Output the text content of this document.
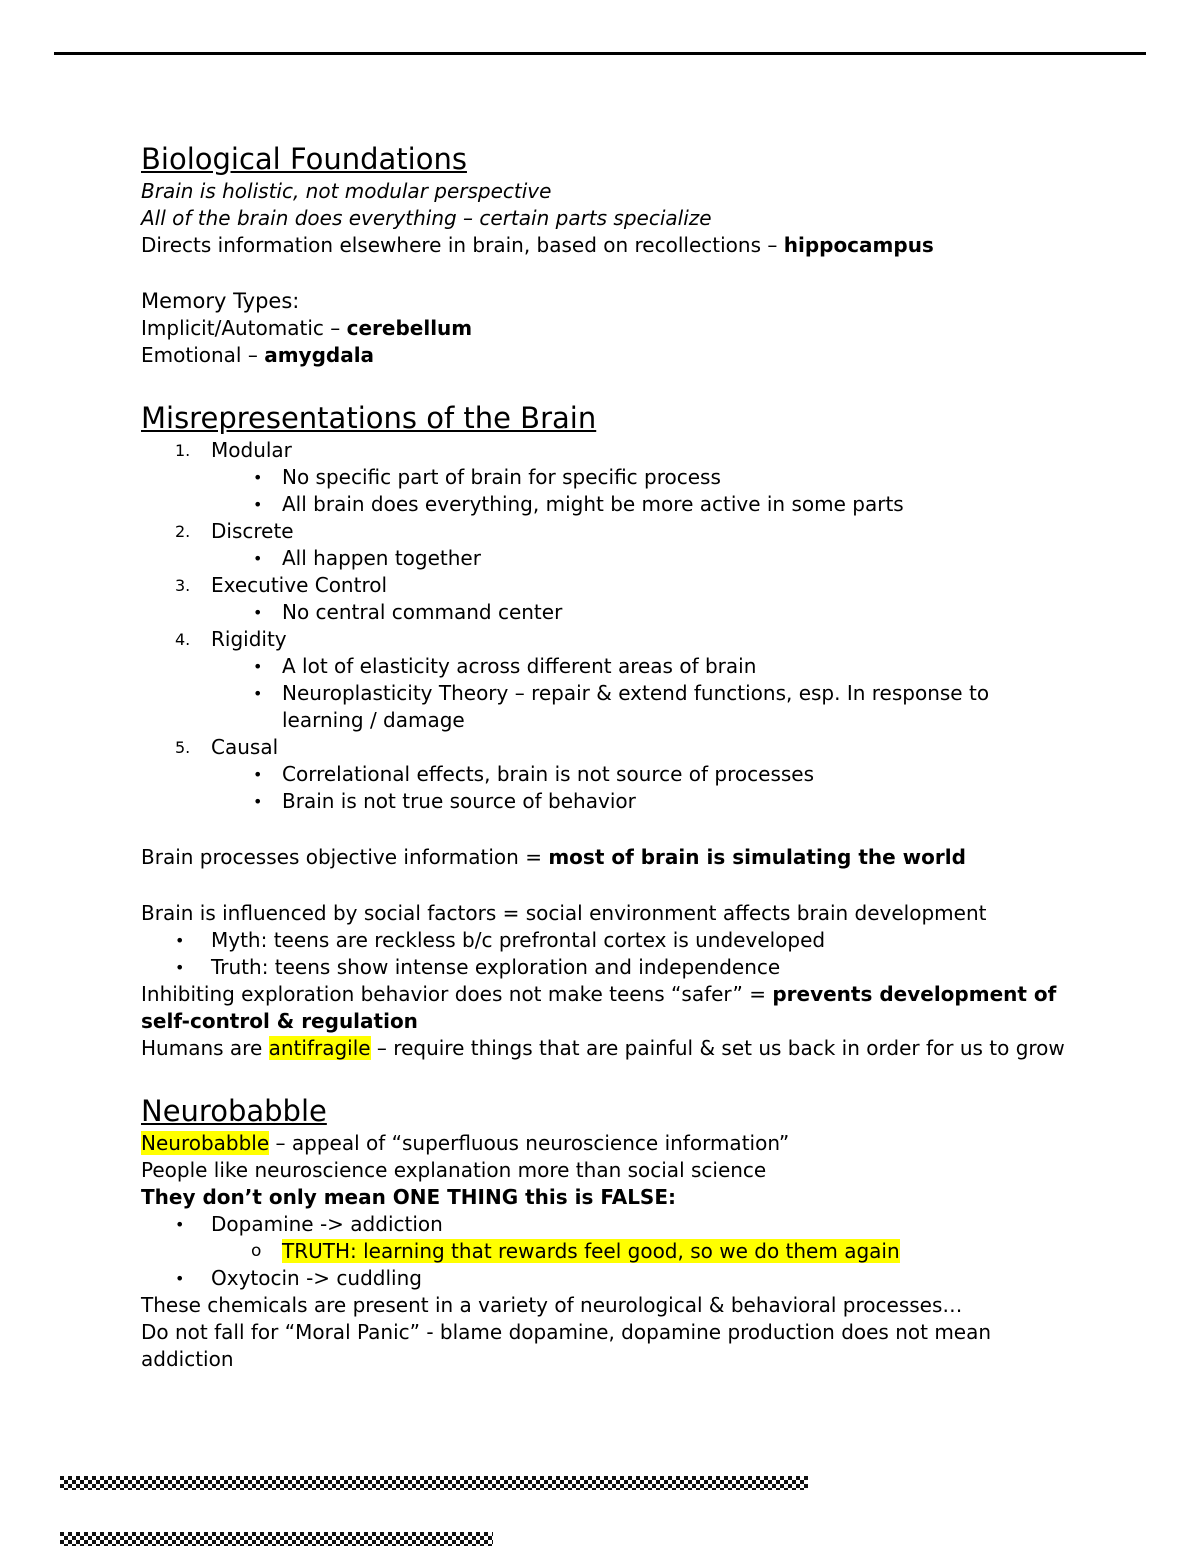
Biological Foundations

Brain is holistic, not modular perspective

All of the brain does everything – certain parts specialize

Directs information elsewhere in brain, based on recollections – hippocampus

Memory Types:

Implicit/Automatic – cerebellum

Emotional – amygdala

Misrepresentations of the Brain
1. Modular
• No specific part of brain for specific process
• All brain does everything, might be more active in some parts
2. Discrete
• All happen together
3. Executive Control
• No central command center
4. Rigidity
• A lot of elasticity across different areas of brain
• Neuroplasticity Theory – repair & extend functions, esp. In response to learning / damage
5. Causal
• Correlational effects, brain is not source of processes
• Brain is not true source of behavior

Brain processes objective information = most of brain is simulating the world

Brain is influenced by social factors = social environment affects brain development

• Myth: teens are reckless b/c prefrontal cortex is undeveloped
• Truth: teens show intense exploration and independence

Inhibiting exploration behavior does not make teens “safer” = prevents development of self-control & regulation

Humans are antifragile – require things that are painful & set us back in order for us to grow

Neurobabble

Neurobabble – appeal of “superfluous neuroscience information”

People like neuroscience explanation more than social science

They don’t only mean ONE THING this is FALSE:

• Dopamine -> addiction
o TRUTH: learning that rewards feel good, so we do them again
• Oxytocin -> cuddling

These chemicals are present in a variety of neurological & behavioral processes…

Do not fall for “Moral Panic” - blame dopamine, dopamine production does not mean addiction
